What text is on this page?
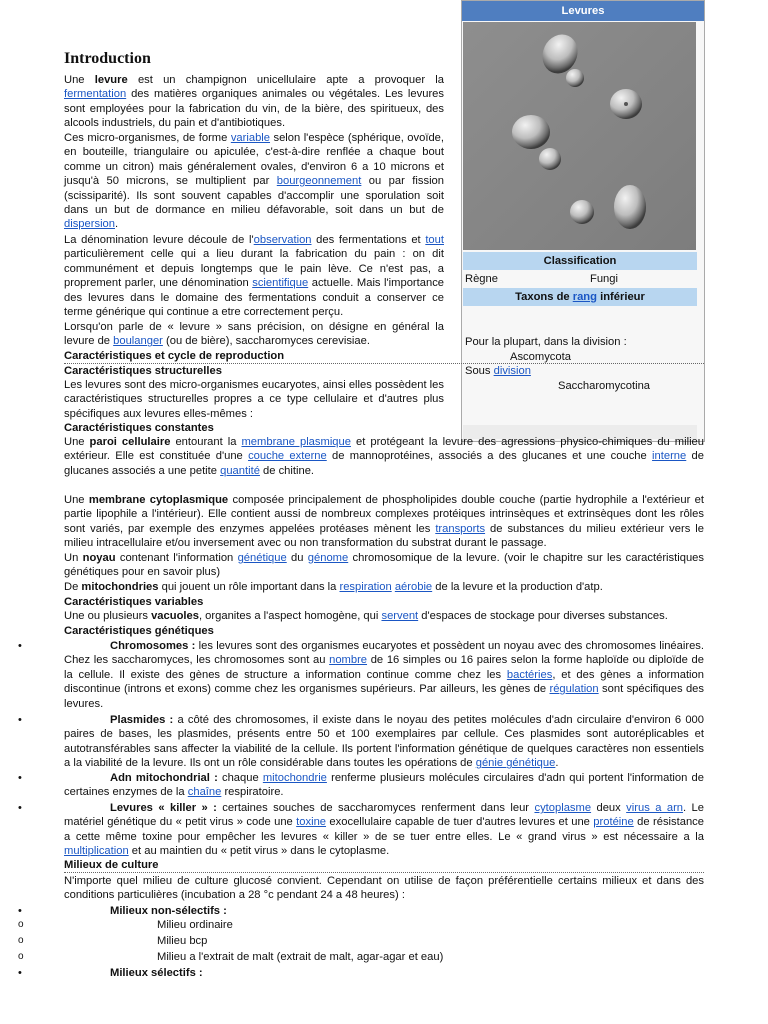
Levures
Classification
Règne	Fungi
Taxons de rang inférieur
Pour la plupart, dans la division :
Ascomycota
Sous division
Saccharomycotina
Introduction
Une levure est un champignon unicellulaire apte a provoquer la fermentation des matières organiques animales ou végétales. Les levures sont employées pour la fabrication du vin, de la bière, des spiritueux, des alcools industriels, du pain et d'antibiotiques.
Ces micro-organismes, de forme variable selon l'espèce (sphérique, ovoïde, en bouteille, triangulaire ou apiculée, c'est-à-dire renflée a chaque bout comme un citron) mais généralement ovales, d'environ 6 a 10 microns et jusqu'à 50 microns, se multiplient par bourgeonnement ou par fission (scissiparité). Ils sont souvent capables d'accomplir une sporulation soit dans un but de dormance en milieu défavorable, soit dans un but de dispersion.
La dénomination levure découle de l'observation des fermentations et tout particulièrement celle qui a lieu durant la fabrication du pain : on dit communément et depuis longtemps que le pain lève. Ce n'est pas, a proprement parler, une dénomination scientifique actuelle. Mais l'importance des levures dans le domaine des fermentations conduit a conserver ce terme générique qui continue a etre correctement perçu.
Lorsqu'on parle de « levure » sans précision, on désigne en général la levure de boulanger (ou de bière), saccharomyces cerevisiae.
Caractéristiques et cycle de reproduction
Caractéristiques structurelles
Les levures sont des micro-organismes eucaryotes, ainsi elles possèdent les caractéristiques structurelles propres a ce type cellulaire et d'autres plus spécifiques aux levures elles-mêmes :
Caractéristiques constantes
Une paroi cellulaire entourant la membrane plasmique et protégeant la levure des agressions physico-chimiques du milieu extérieur. Elle est constituée d'une couche externe de mannoprotéines, associés a des glucanes et une couche interne de glucanes associés a une petite quantité de chitine.
Une membrane cytoplasmique composée principalement de phospholipides double couche (partie hydrophile a l'extérieur et partie lipophile a l'intérieur). Elle contient aussi de nombreux complexes protéiques intrinsèques et extrinsèques dont les rôles sont variés, par exemple des enzymes appelées protéases mènent les transports de substances du milieu extérieur vers le milieu intracellulaire et/ou inversement avec ou non transformation du substrat durant le passage.
Un noyau contenant l'information génétique du génome chromosomique de la levure. (voir le chapitre sur les caractéristiques génétiques pour en savoir plus)
De mitochondries qui jouent un rôle important dans la respiration aérobie de la levure et la production d'atp.
Caractéristiques variables
Une ou plusieurs vacuoles, organites a l'aspect homogène, qui servent d'espaces de stockage pour diverses substances.
Caractéristiques génétiques
•	Chromosomes : les levures sont des organismes eucaryotes et possèdent un noyau avec des chromosomes linéaires. Chez les saccharomyces, les chromosomes sont au nombre de 16 simples ou 16 paires selon la forme haploïde ou diploïde de la cellule. Il existe des gènes de structure a information continue comme chez les bactéries, et des gènes a information discontinue (introns et exons) comme chez les organismes supérieurs. Par ailleurs, les gènes de régulation sont spécifiques des levures.
•	Plasmides : a côté des chromosomes, il existe dans le noyau des petites molécules d'adn circulaire d'environ 6 000 paires de bases, les plasmides, présents entre 50 et 100 exemplaires par cellule. Ces plasmides sont autoréplicables et autotransférables sans affecter la viabilité de la cellule. Ils portent l'information génétique de quelques caractères non essentiels a la viabilité de la levure. Ils ont un rôle considérable dans toutes les opérations de génie génétique.
•	Adn mitochondrial : chaque mitochondrie renferme plusieurs molécules circulaires d'adn qui portent l'information de certaines enzymes de la chaîne respiratoire.
•	Levures « killer » : certaines souches de saccharomyces renferment dans leur cytoplasme deux virus a arn. Le matériel génétique du « petit virus » code une toxine exocellulaire capable de tuer d'autres levures et une protéine de résistance a cette même toxine pour empêcher les levures « killer » de se tuer entre elles. Le « grand virus » est nécessaire a la multiplication et au maintien du « petit virus » dans le cytoplasme.
Milieux de culture
N'importe quel milieu de culture glucosé convient. Cependant on utilise de façon préférentielle certains milieux et dans des conditions particulières (incubation a 28 °c pendant 24 a 48 heures) :
•	Milieux non-sélectifs :
o	Milieu ordinaire
o	Milieu bcp
o	Milieu a l'extrait de malt (extrait de malt, agar-agar et eau)
•	Milieux sélectifs :
